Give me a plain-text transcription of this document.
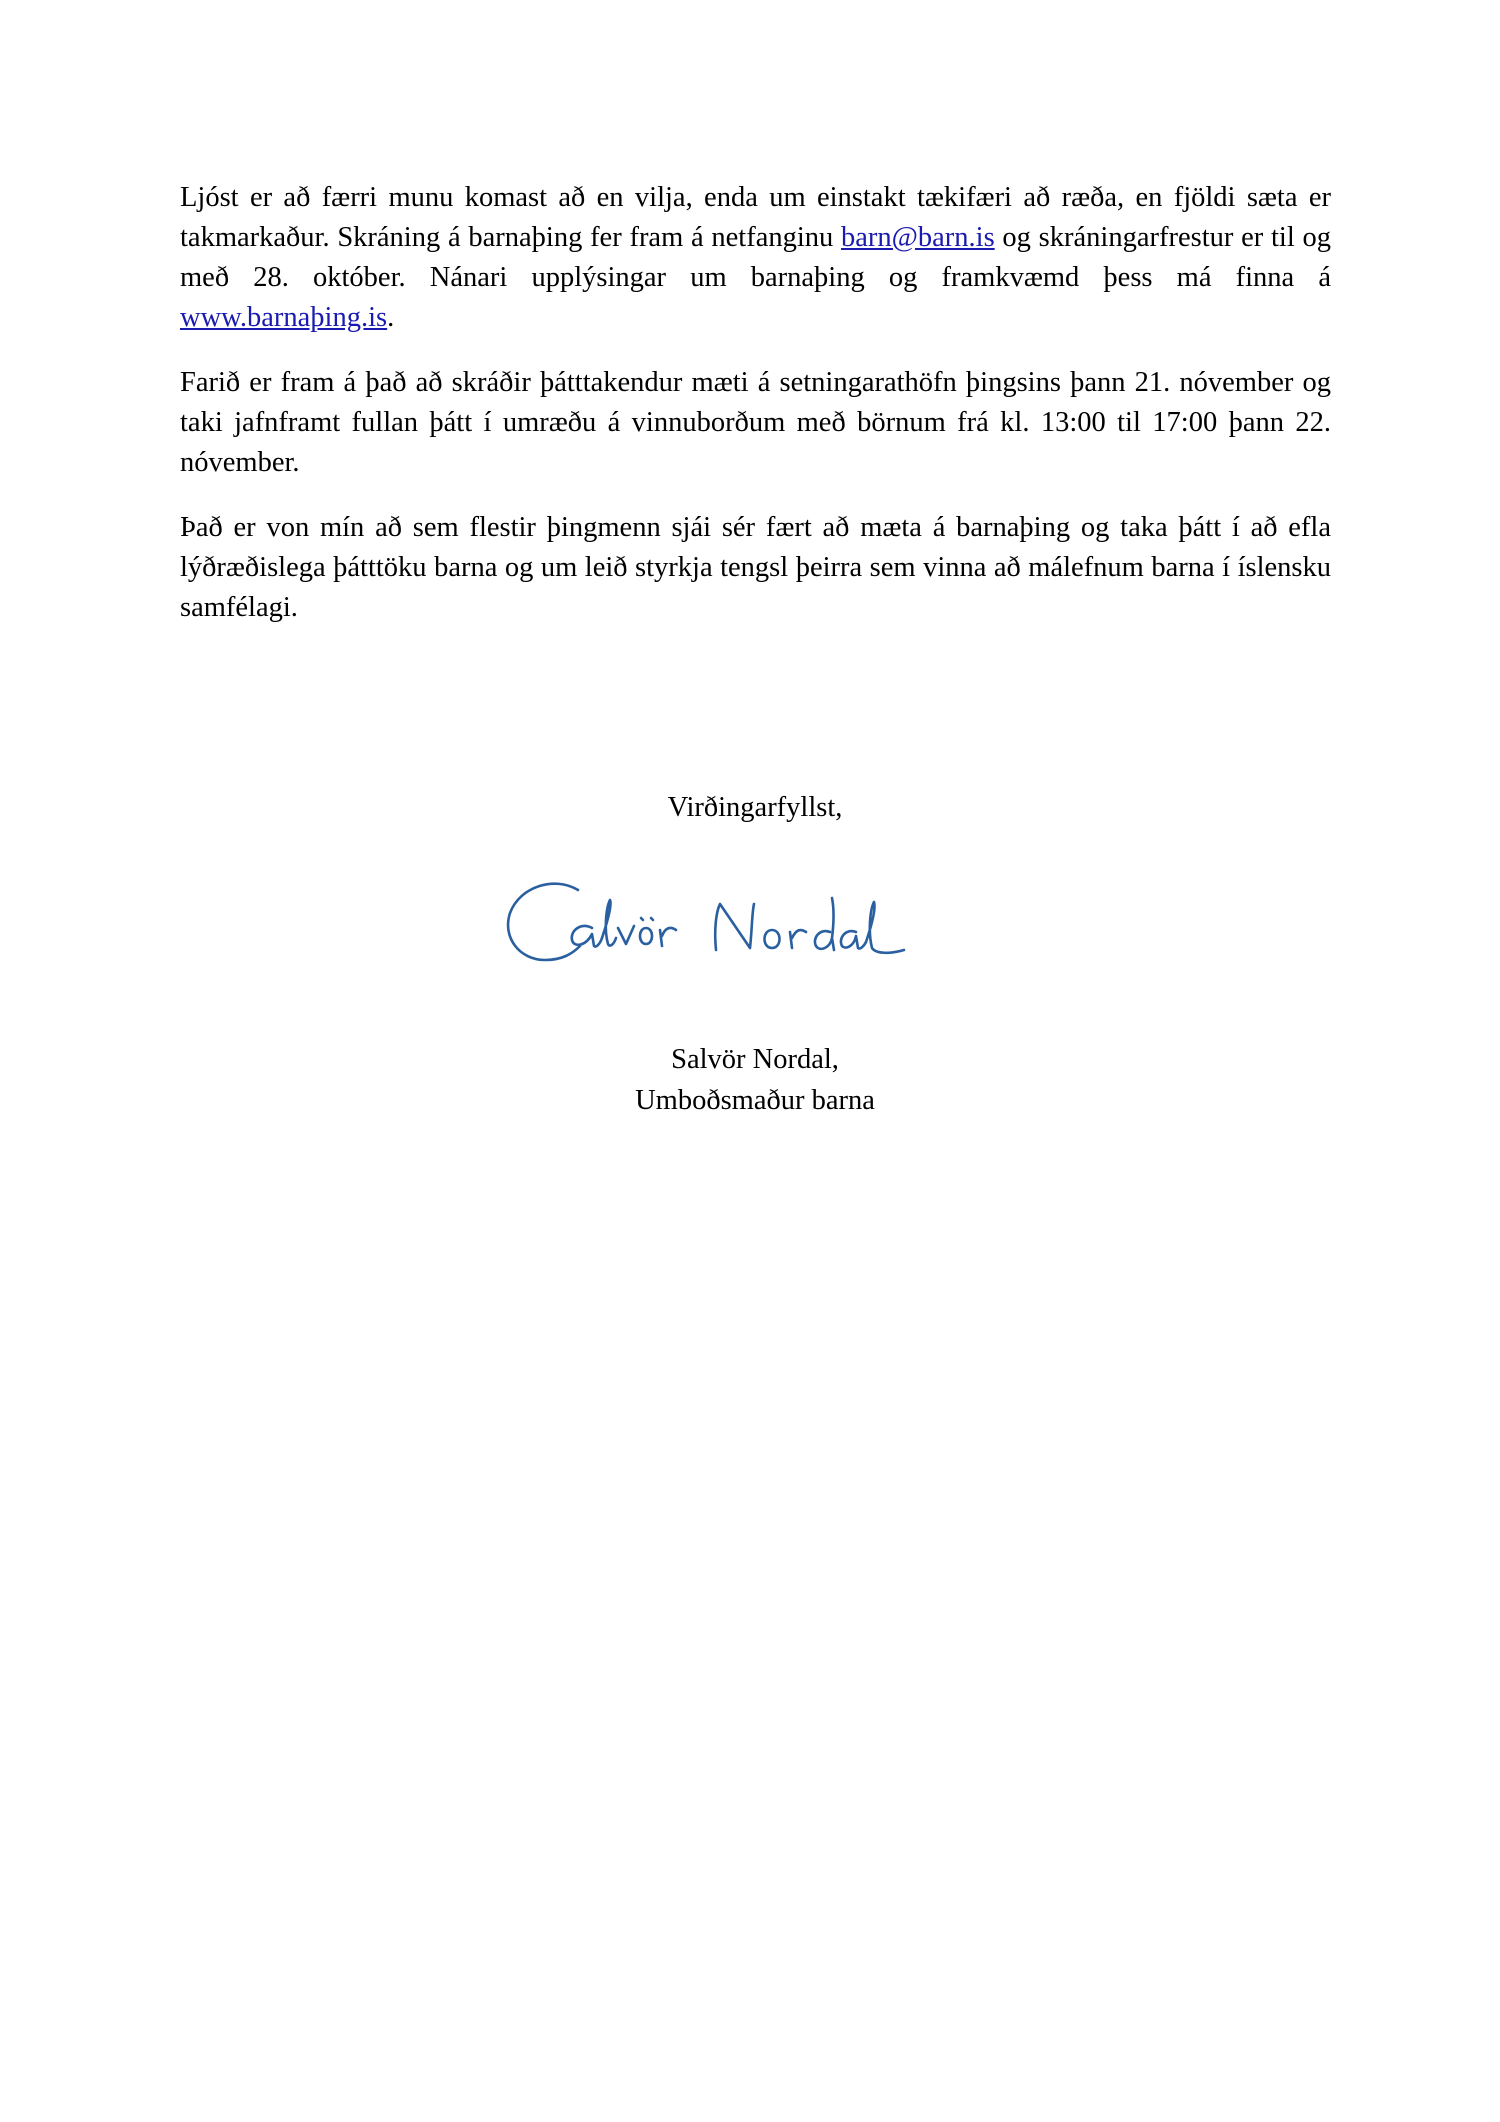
Ljóst er að færri munu komast að en vilja, enda um einstakt tækifæri að ræða, en fjöldi sæta er takmarkaður. Skráning á barnaþing fer fram á netfanginu barn@barn.is og skráningarfrestur er til og með 28. október. Nánari upplýsingar um barnaþing og framkvæmd þess má finna á www.barnaþing.is.

Farið er fram á það að skráðir þátttakendur mæti á setningarathöfn þingsins þann 21. nóvember og taki jafnframt fullan þátt í umræðu á vinnuborðum með börnum frá kl. 13:00 til 17:00 þann 22. nóvember.

Það er von mín að sem flestir þingmenn sjái sér fært að mæta á barnaþing og taka þátt í að efla lýðræðislega þátttöku barna og um leið styrkja tengsl þeirra sem vinna að málefnum barna í íslensku samfélagi.

Virðingarfyllst,
Salvör Nordal,
Umboðsmaður barna
